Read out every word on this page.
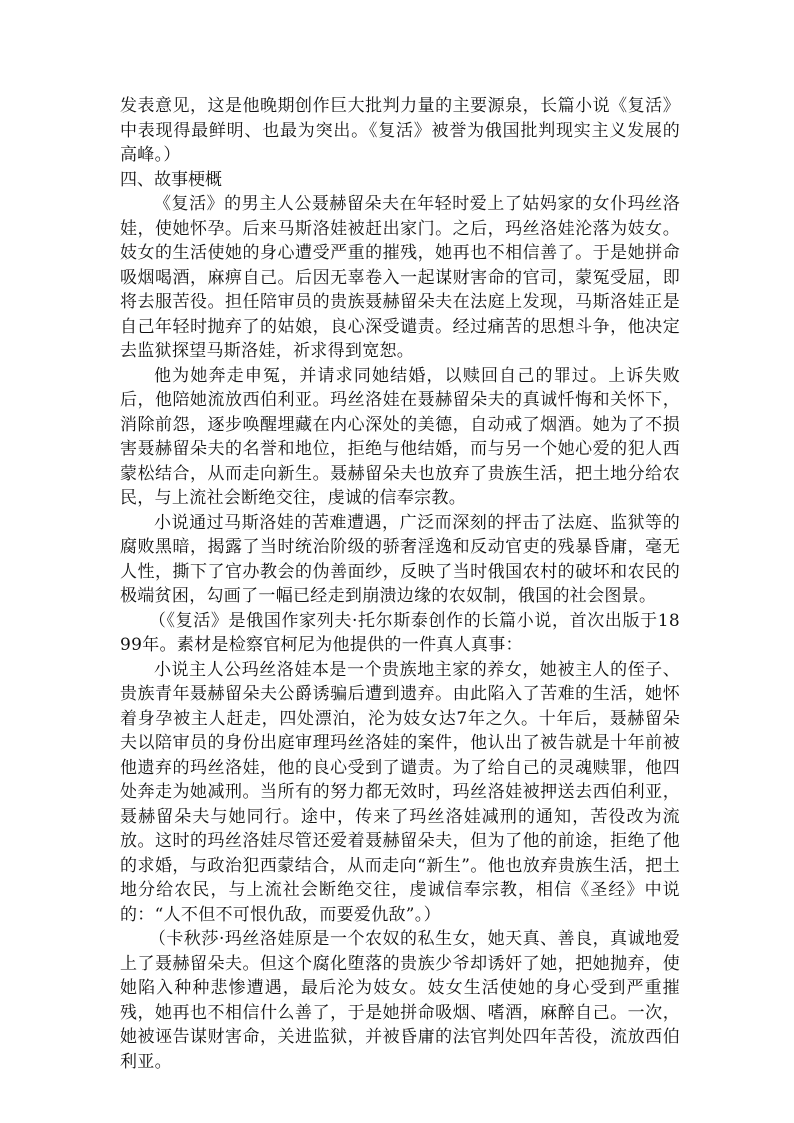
发表意见，这是他晚期创作巨大批判力量的主要源泉，长篇小说《复活》中表现得最鲜明、也最为突出。《复活》被誉为俄国批判现实主义发展的高峰。）

四、故事梗概

《复活》的男主人公聂赫留朵夫在年轻时爱上了姑妈家的女仆玛丝洛娃，使她怀孕。后来马斯洛娃被赶出家门。之后，玛丝洛娃沦落为妓女。妓女的生活使她的身心遭受严重的摧残，她再也不相信善了。于是她拼命吸烟喝酒，麻痹自己。后因无辜卷入一起谋财害命的官司，蒙冤受屈，即将去服苦役。担任陪审员的贵族聂赫留朵夫在法庭上发现，马斯洛娃正是自己年轻时抛弃了的姑娘，良心深受谴责。经过痛苦的思想斗争，他决定去监狱探望马斯洛娃，祈求得到宽恕。

他为她奔走申冤，并请求同她结婚，以赎回自己的罪过。上诉失败后，他陪她流放西伯利亚。玛丝洛娃在聂赫留朵夫的真诚忏悔和关怀下，消除前怨，逐步唤醒埋藏在内心深处的美德，自动戒了烟酒。她为了不损害聂赫留朵夫的名誉和地位，拒绝与他结婚，而与另一个她心爱的犯人西蒙松结合，从而走向新生。聂赫留朵夫也放弃了贵族生活，把土地分给农民，与上流社会断绝交往，虔诚的信奉宗教。

小说通过马斯洛娃的苦难遭遇，广泛而深刻的抨击了法庭、监狱等的腐败黑暗，揭露了当时统治阶级的骄奢淫逸和反动官吏的残暴昏庸，毫无人性，撕下了官办教会的伪善面纱，反映了当时俄国农村的破坏和农民的极端贫困，勾画了一幅已经走到崩溃边缘的农奴制，俄国的社会图景。

（《复活》是俄国作家列夫·托尔斯泰创作的长篇小说，首次出版于1899年。素材是检察官柯尼为他提供的一件真人真事：

小说主人公玛丝洛娃本是一个贵族地主家的养女，她被主人的侄子、贵族青年聂赫留朵夫公爵诱骗后遭到遗弃。由此陷入了苦难的生活，她怀着身孕被主人赶走，四处漂泊，沦为妓女达7年之久。十年后，聂赫留朵夫以陪审员的身份出庭审理玛丝洛娃的案件，他认出了被告就是十年前被他遗弃的玛丝洛娃，他的良心受到了谴责。为了给自己的灵魂赎罪，他四处奔走为她减刑。当所有的努力都无效时，玛丝洛娃被押送去西伯利亚，聂赫留朵夫与她同行。途中，传来了玛丝洛娃减刑的通知，苦役改为流放。这时的玛丝洛娃尽管还爱着聂赫留朵夫，但为了他的前途，拒绝了他的求婚，与政治犯西蒙结合，从而走向“新生”。他也放弃贵族生活，把土地分给农民，与上流社会断绝交往，虔诚信奉宗教，相信《圣经》中说的：“人不但不可恨仇敌，而要爱仇敌”。）

（卡秋莎·玛丝洛娃原是一个农奴的私生女，她天真、善良，真诚地爱上了聂赫留朵夫。但这个腐化堕落的贵族少爷却诱奸了她，把她抛弃，使她陷入种种悲惨遭遇，最后沦为妓女。妓女生活使她的身心受到严重摧残，她再也不相信什么善了，于是她拼命吸烟、嗜酒，麻醉自己。一次，她被诬告谋财害命，关进监狱，并被昏庸的法官判处四年苦役，流放西伯利亚。
